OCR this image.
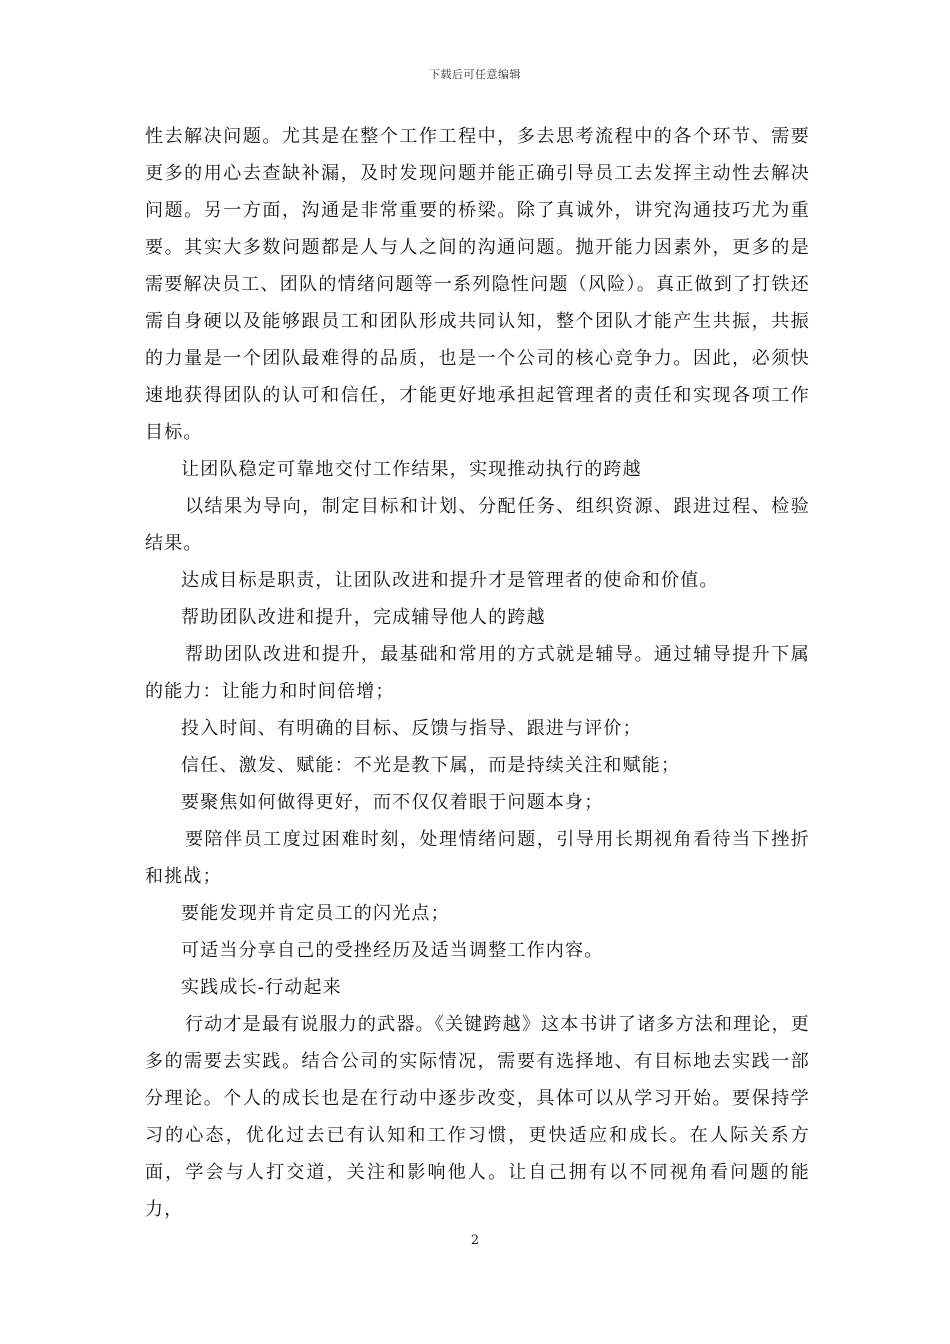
下载后可任意编辑

性去解决问题。尤其是在整个工作工程中，多去思考流程中的各个环节、需要更多的用心去查缺补漏，及时发现问题并能正确引导员工去发挥主动性去解决问题。另一方面，沟通是非常重要的桥梁。除了真诚外，讲究沟通技巧尤为重要。其实大多数问题都是人与人之间的沟通问题。抛开能力因素外，更多的是需要解决员工、团队的情绪问题等一系列隐性问题（风险）。真正做到了打铁还需自身硬以及能够跟员工和团队形成共同认知，整个团队才能产生共振，共振的力量是一个团队最难得的品质，也是一个公司的核心竞争力。因此，必须快速地获得团队的认可和信任，才能更好地承担起管理者的责任和实现各项工作目标。

让团队稳定可靠地交付工作结果，实现推动执行的跨越

以结果为导向，制定目标和计划、分配任务、组织资源、跟进过程、检验结果。

达成目标是职责，让团队改进和提升才是管理者的使命和价值。

帮助团队改进和提升，完成辅导他人的跨越

帮助团队改进和提升，最基础和常用的方式就是辅导。通过辅导提升下属的能力：让能力和时间倍增；

投入时间、有明确的目标、反馈与指导、跟进与评价；

信任、激发、赋能：不光是教下属，而是持续关注和赋能；

要聚焦如何做得更好，而不仅仅着眼于问题本身；

要陪伴员工度过困难时刻，处理情绪问题，引导用长期视角看待当下挫折和挑战；

要能发现并肯定员工的闪光点；

可适当分享自己的受挫经历及适当调整工作内容。

实践成长-行动起来

行动才是最有说服力的武器。《关键跨越》这本书讲了诸多方法和理论，更多的需要去实践。结合公司的实际情况，需要有选择地、有目标地去实践一部分理论。个人的成长也是在行动中逐步改变，具体可以从学习开始。要保持学习的心态，优化过去已有认知和工作习惯，更快适应和成长。在人际关系方面，学会与人打交道，关注和影响他人。让自己拥有以不同视角看问题的能力，

2
